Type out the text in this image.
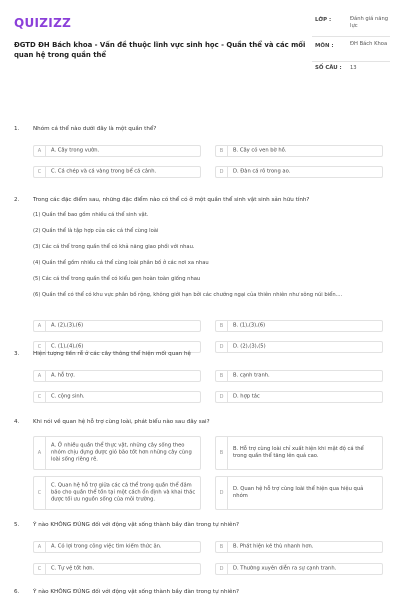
QUIZIZZ
ĐGTD ĐH Bách khoa - Vấn đề thuộc lĩnh vực sinh học - Quần thể và các mối quan hệ trong quần thể
LỚP :	Đánh giá năng lực
MÔN :	ĐH Bách Khoa
SỐ CÂU : 13
1. Nhóm cá thể nào dưới đây là một quần thể?
A	A. Cây trong vườn.	B	B. Cây cỏ ven bờ hồ.
C	C. Cá chép và cá vàng trong bể cá cảnh.	D	D. Đàn cá rô trong ao.
2. Trong các đặc điểm sau, những đặc điểm nào có thể có ở một quần thể sinh vật sinh sản hữu tính?
(1) Quần thể bao gồm nhiều cá thể sinh vật.
(2) Quần thể là tập hợp của các cá thể cùng loài
(3) Các cá thể trong quần thể có khả năng giao phối với nhau.
(4) Quần thể gồm nhiều cá thể cùng loài phân bố ở các nơi xa nhau
(5) Các cá thể trong quần thể có kiểu gen hoàn toàn giống nhau
(6) Quần thể có thể có khu vực phân bố rộng, không giới hạn bởi các chướng ngại của thiên nhiên như sông núi biển....
A	A. (2),(3),(6)	B	B. (1),(3),(6)
C	C. (1),(4),(6)	D	D. (2),(3),(5)
3. Hiện tượng liền rễ ở các cây thông thể hiện mối quan hệ
A	A. hỗ trợ.	B	B. cạnh tranh.
C	C. cộng sinh.	D	D. hợp tác
4. Khi nói về quan hệ hỗ trợ cùng loài, phát biểu nào sau đây sai?
A
A. Ở nhiều quần thể thực vật, những cây sống theo nhóm chịu đựng được gió bão tốt hơn những cây cùng loài sống riêng rẽ.
B
B. Hỗ trợ cùng loài chỉ xuất hiện khi mật độ cá thể trong quần thể tăng lên quá cao.
C
C. Quan hệ hỗ trợ giữa các cá thể trong quần thể đảm bảo cho quần thể tồn tại một cách ổn định và khai thác được tối ưu nguồn sống của môi trường.
D
D. Quan hệ hỗ trợ cùng loài thể hiện qua hiệu quả nhóm
5. Ý nào KHÔNG ĐÚNG đối với động vật sống thành bầy đàn trong tự nhiên?
A	A. Có lợi trong công việc tìm kiếm thức ăn.	B	B. Phát hiện kẻ thù nhanh hơn.
C	C. Tự vệ tốt hơn.	D	D. Thường xuyên diễn ra sự cạnh tranh.
6. Ý nào KHÔNG ĐÚNG đối với động vật sống thành bầy đàn trong tự nhiên?
